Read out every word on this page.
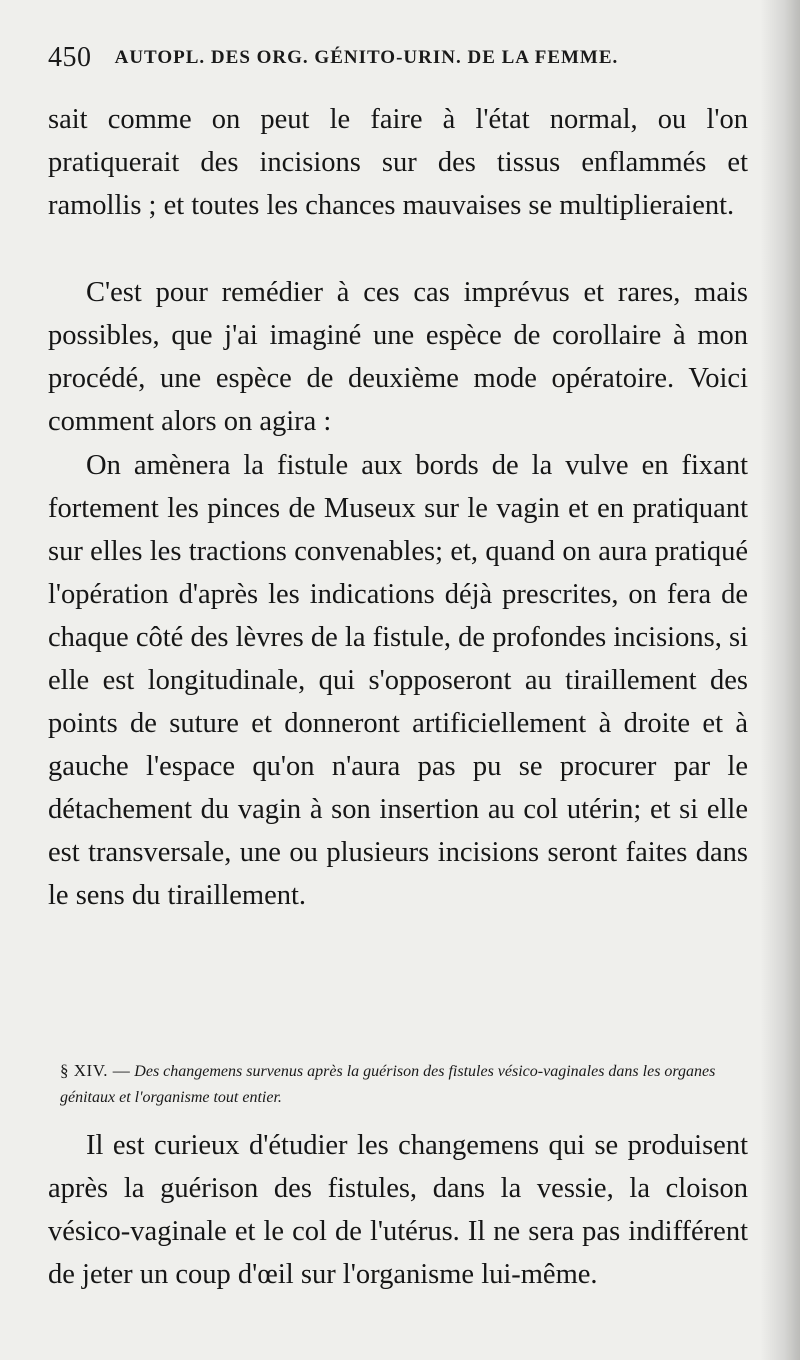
450 AUTOPL. DES ORG. GÉNITO-URIN. DE LA FEMME.

sait comme on peut le faire à l'état normal, ou l'on pratiquerait des incisions sur des tissus enflammés et ramollis ; et toutes les chances mauvaises se multiplieraient.

C'est pour remédier à ces cas imprévus et rares, mais possibles, que j'ai imaginé une espèce de corollaire à mon procédé, une espèce de deuxième mode opératoire. Voici comment alors on agira :

On amènera la fistule aux bords de la vulve en fixant fortement les pinces de Museux sur le vagin et en pratiquant sur elles les tractions convenables; et, quand on aura pratiqué l'opération d'après les indications déjà prescrites, on fera de chaque côté des lèvres de la fistule, de profondes incisions, si elle est longitudinale, qui s'opposeront au tiraillement des points de suture et donneront artificiellement à droite et à gauche l'espace qu'on n'aura pas pu se procurer par le détachement du vagin à son insertion au col utérin; et si elle est transversale, une ou plusieurs incisions seront faites dans le sens du tiraillement.

§ XIV. — Des changemens survenus après la guérison des fistules vésico-vaginales dans les organes génitaux et l'organisme tout entier.

Il est curieux d'étudier les changemens qui se produisent après la guérison des fistules, dans la vessie, la cloison vésico-vaginale et le col de l'utérus. Il ne sera pas indifférent de jeter un coup d'œil sur l'organisme lui-même.
